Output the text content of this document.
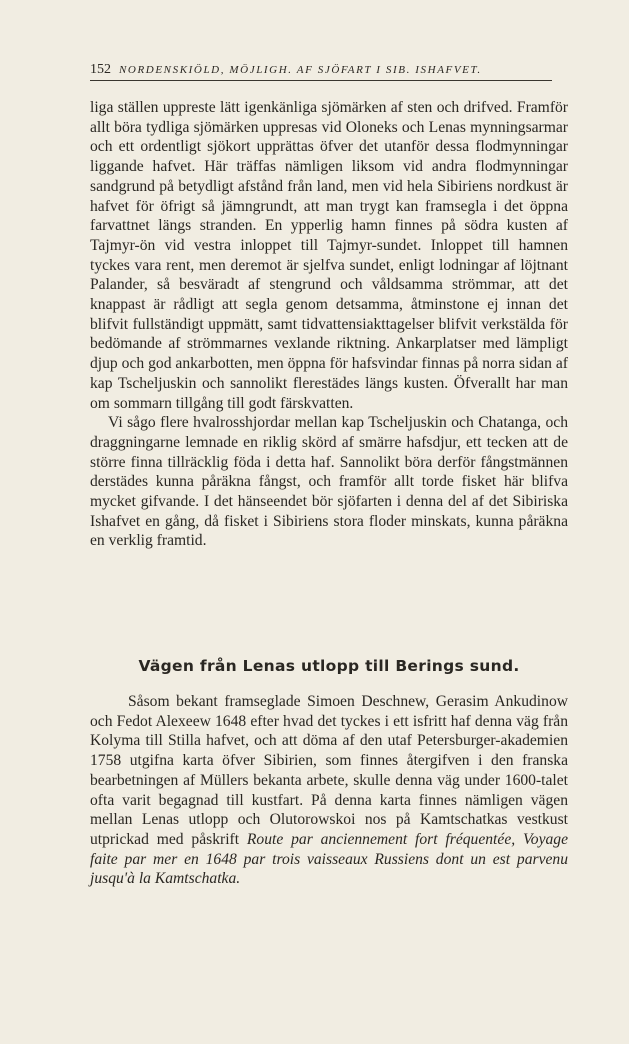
152 NORDENSKIÖLD, MÖJLIGH. AF SJÖFART I SIB. ISHAFVET.

liga ställen uppreste lätt igenkänliga sjömärken af sten och drifved. Framför allt böra tydliga sjömärken uppresas vid Oloneks och Lenas mynningsarmar och ett ordentligt sjökort upprättas öfver det utanför dessa flodmynningar liggande hafvet. Här träffas nämligen liksom vid andra flodmynningar sandgrund på betydligt afstånd från land, men vid hela Sibiriens nordkust är hafvet för öfrigt så jämngrundt, att man trygt kan framsegla i det öppna farvattnet längs stranden. En ypperlig hamn finnes på södra kusten af Tajmyr-ön vid vestra inloppet till Tajmyr-sundet. Inloppet till hamnen tyckes vara rent, men deremot är sjelfva sundet, enligt lodningar af löjtnant Palander, så besväradt af stengrund och våldsamma strömmar, att det knappast är rådligt att segla genom detsamma, åtminstone ej innan det blifvit fullständigt uppmätt, samt tidvattensiakttagelser blifvit verkstälda för bedömande af strömmarnes vexlande riktning. Ankarplatser med lämpligt djup och god ankarbotten, men öppna för hafsvindar finnas på norra sidan af kap Tscheljuskin och sannolikt flerestädes längs kusten. Öfverallt har man om sommarn tillgång till godt färskvatten.

Vi sågo flere hvalrosshjordar mellan kap Tscheljuskin och Chatanga, och draggningarne lemnade en riklig skörd af smärre hafsdjur, ett tecken att de större finna tillräcklig föda i detta haf. Sannolikt böra derför fångstmännen derstädes kunna påräkna fångst, och framför allt torde fisket här blifva mycket gifvande. I det hänseendet bör sjöfarten i denna del af det Sibiriska Ishafvet en gång, då fisket i Sibiriens stora floder minskats, kunna påräkna en verklig framtid.

Vägen från Lenas utlopp till Berings sund.

Såsom bekant framseglade Simoen Deschnew, Gerasim Ankudinow och Fedot Alexeew 1648 efter hvad det tyckes i ett isfritt haf denna väg från Kolyma till Stilla hafvet, och att döma af den utaf Petersburger-akademien 1758 utgifna karta öfver Sibirien, som finnes återgifven i den franska bearbetningen af Müllers bekanta arbete, skulle denna väg under 1600-talet ofta varit begagnad till kustfart. På denna karta finnes nämligen vägen mellan Lenas utlopp och Olutorowskoi nos på Kamtschatkas vestkust utprickad med påskrift Route par anciennement fort fréquentée, Voyage faite par mer en 1648 par trois vaisseaux Russiens dont un est parvenu jusqu'à la Kamtschatka.
